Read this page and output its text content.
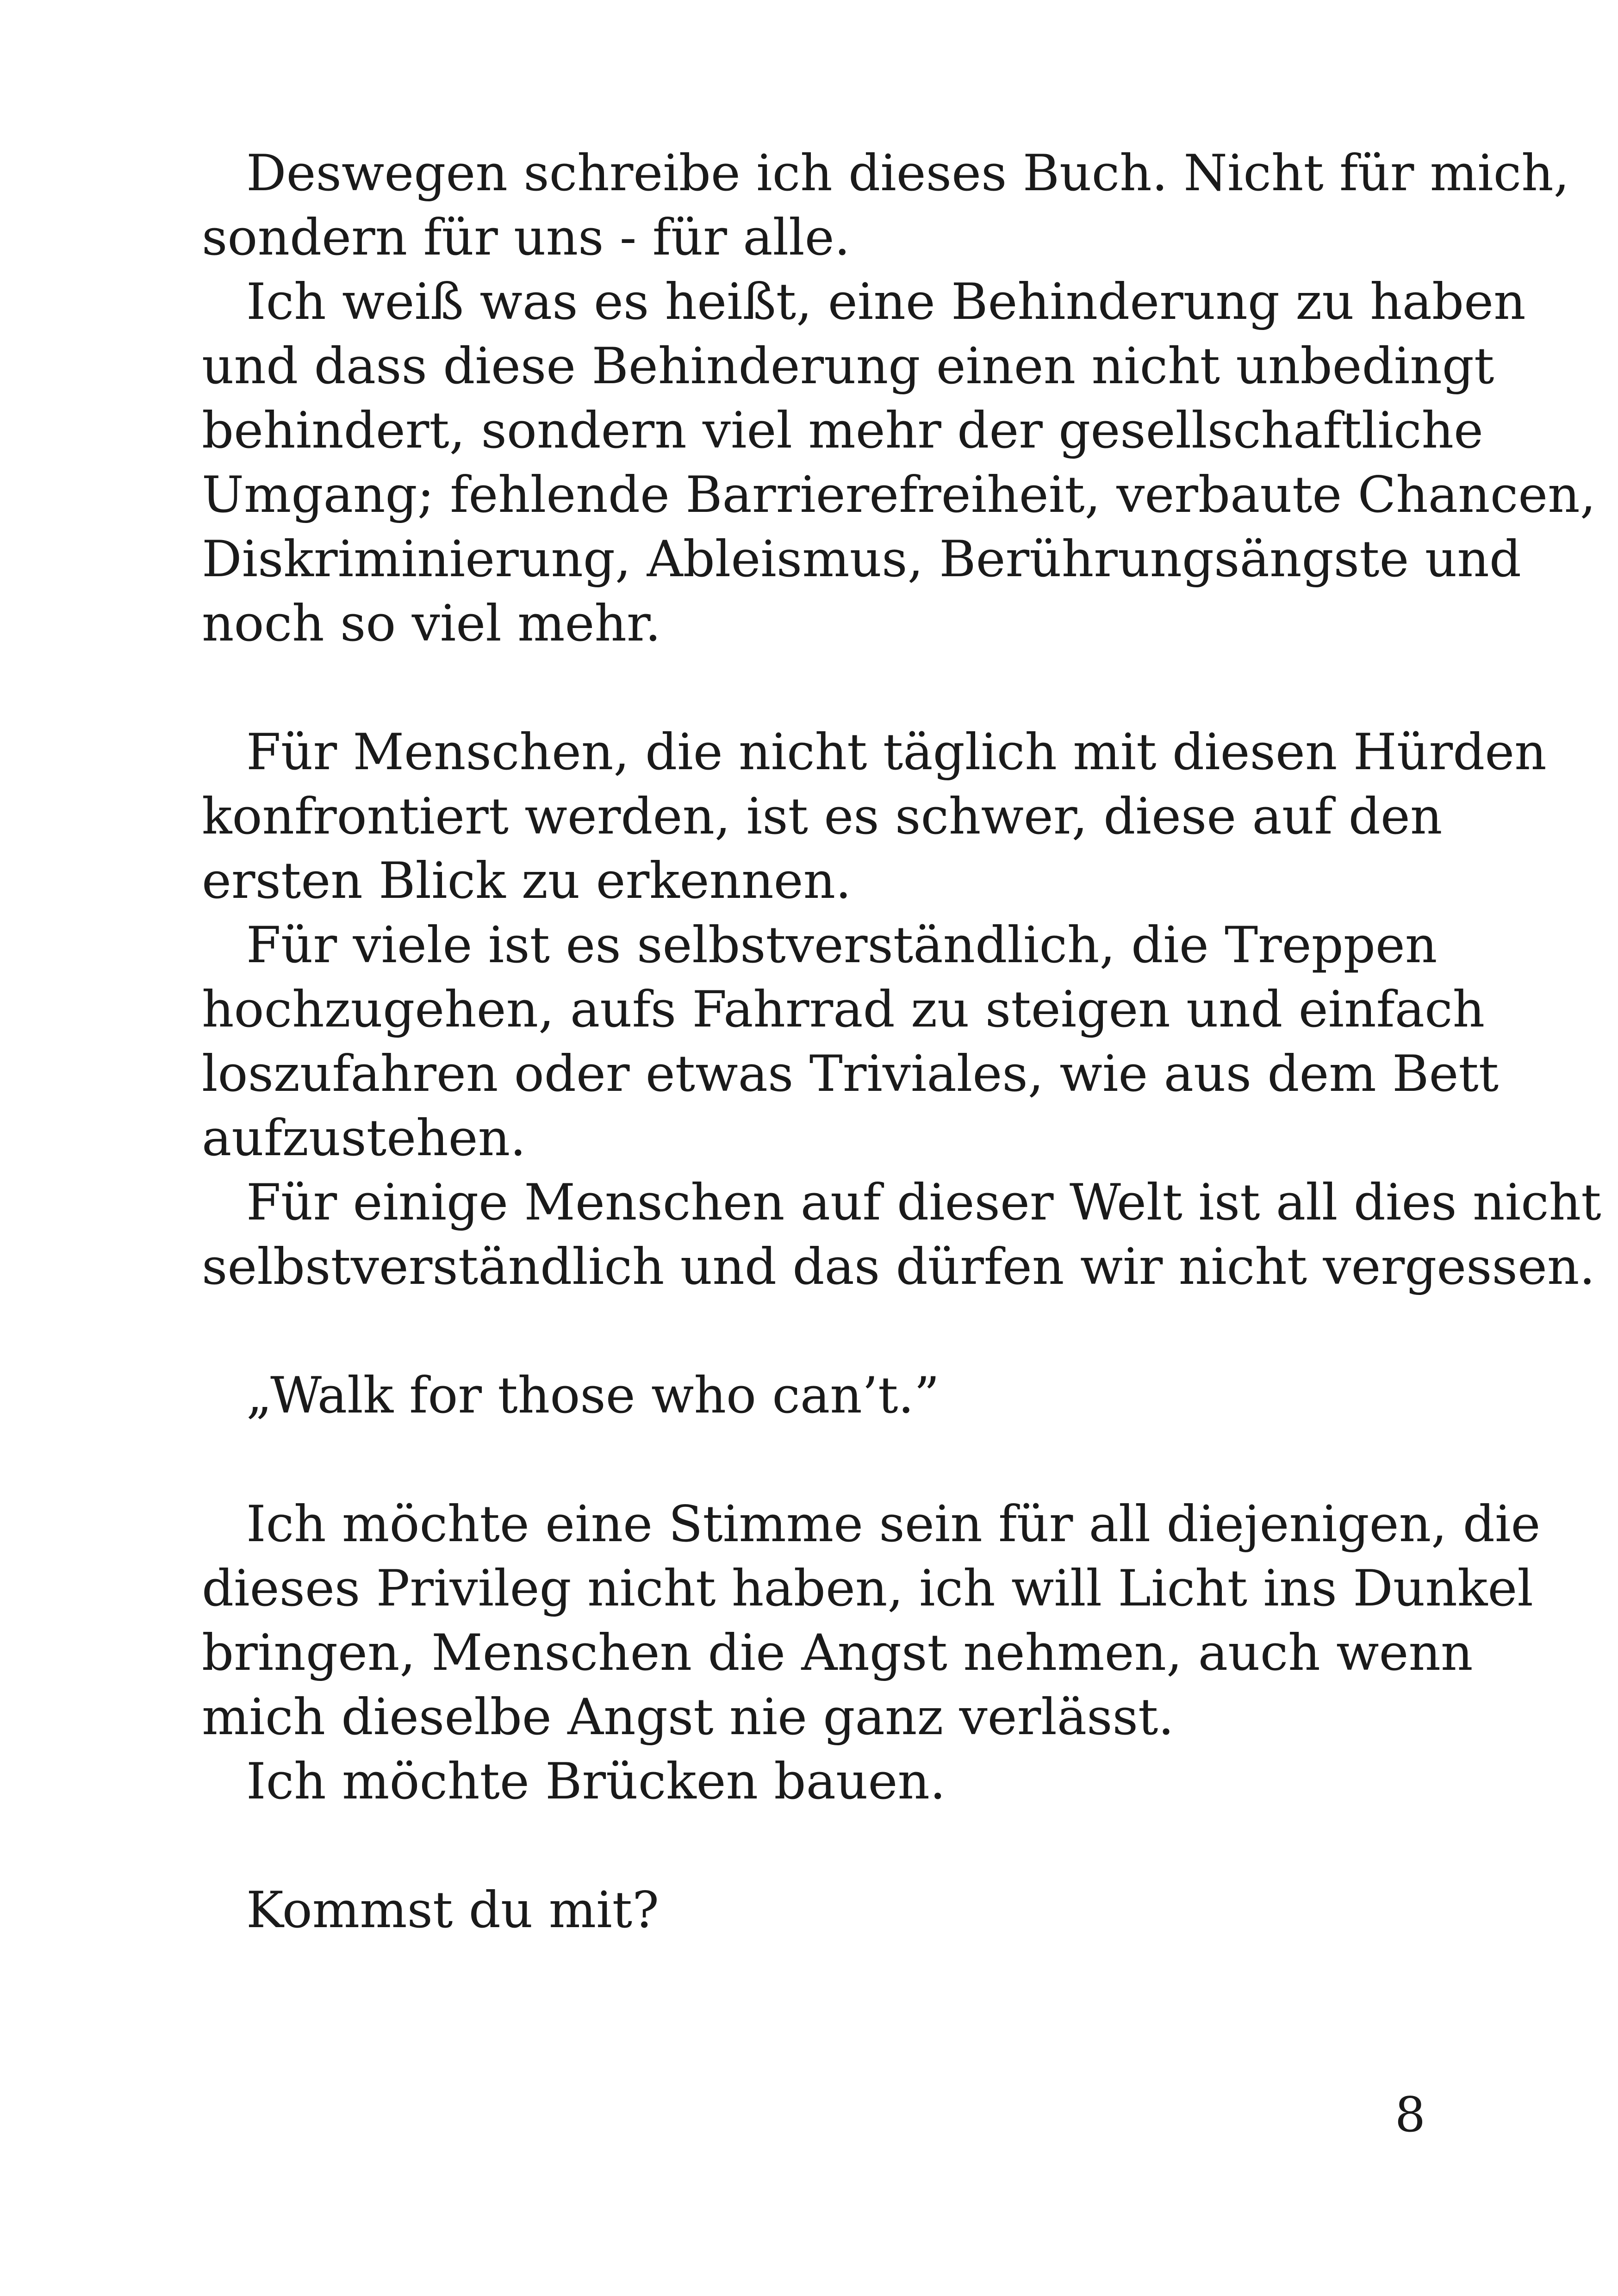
Deswegen schreibe ich dieses Buch. Nicht für mich,
sondern für uns - für alle.
Ich weiß was es heißt, eine Behinderung zu haben
und dass diese Behinderung einen nicht unbedingt
behindert, sondern viel mehr der gesellschaftliche
Umgang; fehlende Barrierefreiheit, verbaute Chancen,
Diskriminierung, Ableismus, Berührungsängste und
noch so viel mehr.
Für Menschen, die nicht täglich mit diesen Hürden
konfrontiert werden, ist es schwer, diese auf den
ersten Blick zu erkennen.
Für viele ist es selbstverständlich, die Treppen
hochzugehen, aufs Fahrrad zu steigen und einfach
loszufahren oder etwas Triviales, wie aus dem Bett
aufzustehen.
Für einige Menschen auf dieser Welt ist all dies nicht
selbstverständlich und das dürfen wir nicht vergessen.
„Walk for those who can’t.”
Ich möchte eine Stimme sein für all diejenigen, die
dieses Privileg nicht haben, ich will Licht ins Dunkel
bringen, Menschen die Angst nehmen, auch wenn
mich dieselbe Angst nie ganz verlässt.
Ich möchte Brücken bauen.
Kommst du mit?
8
